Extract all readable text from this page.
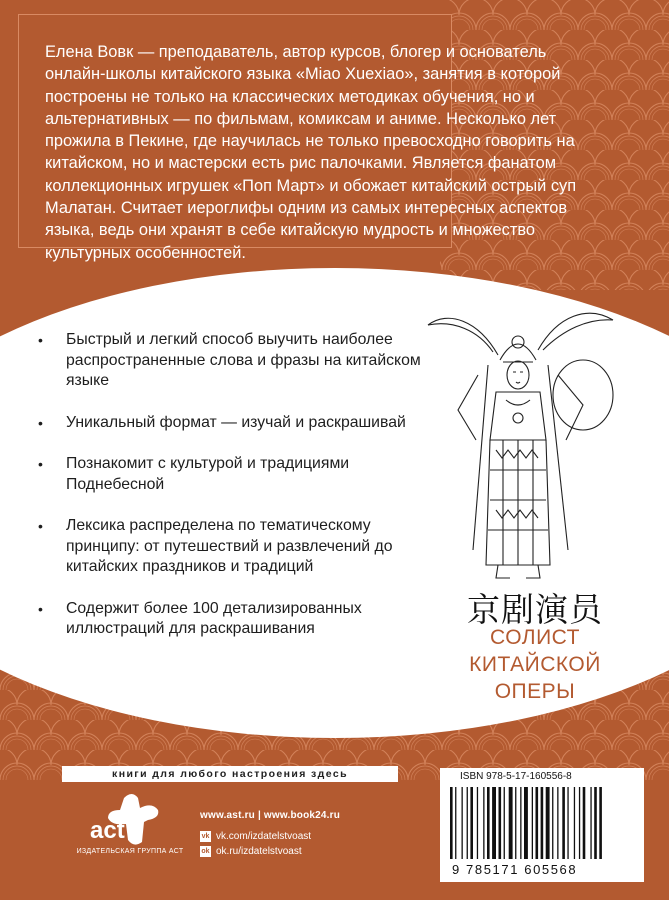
Елена Вовк — преподаватель, автор курсов, блогер и основатель онлайн-школы китайского языка «Miao Xuexiao», занятия в которой построены не только на классических методиках обучения, но и альтернативных — по фильмам, комиксам и аниме. Несколько лет прожила в Пекине, где научилась не только превосходно говорить на китайском, но и мастерски есть рис палочками. Является фанатом коллекционных игрушек «Поп Март» и обожает китайский острый суп Малатан. Считает иероглифы одним из самых интересных аспектов языка, ведь они хранят в себе китайскую мудрость и множество культурных особенностей.

• Быстрый и легкий способ выучить наиболее распространенные слова и фразы на китайском языке
• Уникальный формат — изучай и раскрашивай
• Познакомит с культурой и традициями Поднебесной
• Лексика распределена по тематическому принципу: от путешествий и развлечений до китайских праздников и традиций
• Содержит более 100 детализированных иллюстраций для раскрашивания	京剧演员
СОЛИСТ
КИТАЙСКОЙ
ОПЕРЫ
книги для любого настроения здесь
act
ИЗДАТЕЛЬСКАЯ ГРУППА АСТ
www.ast.ru | www.book24.ru
vk vk.com/izdatelstvoast
ok ok.ru/izdatelstvoast
ISBN 978-5-17-160556-8
9 785171 605568
